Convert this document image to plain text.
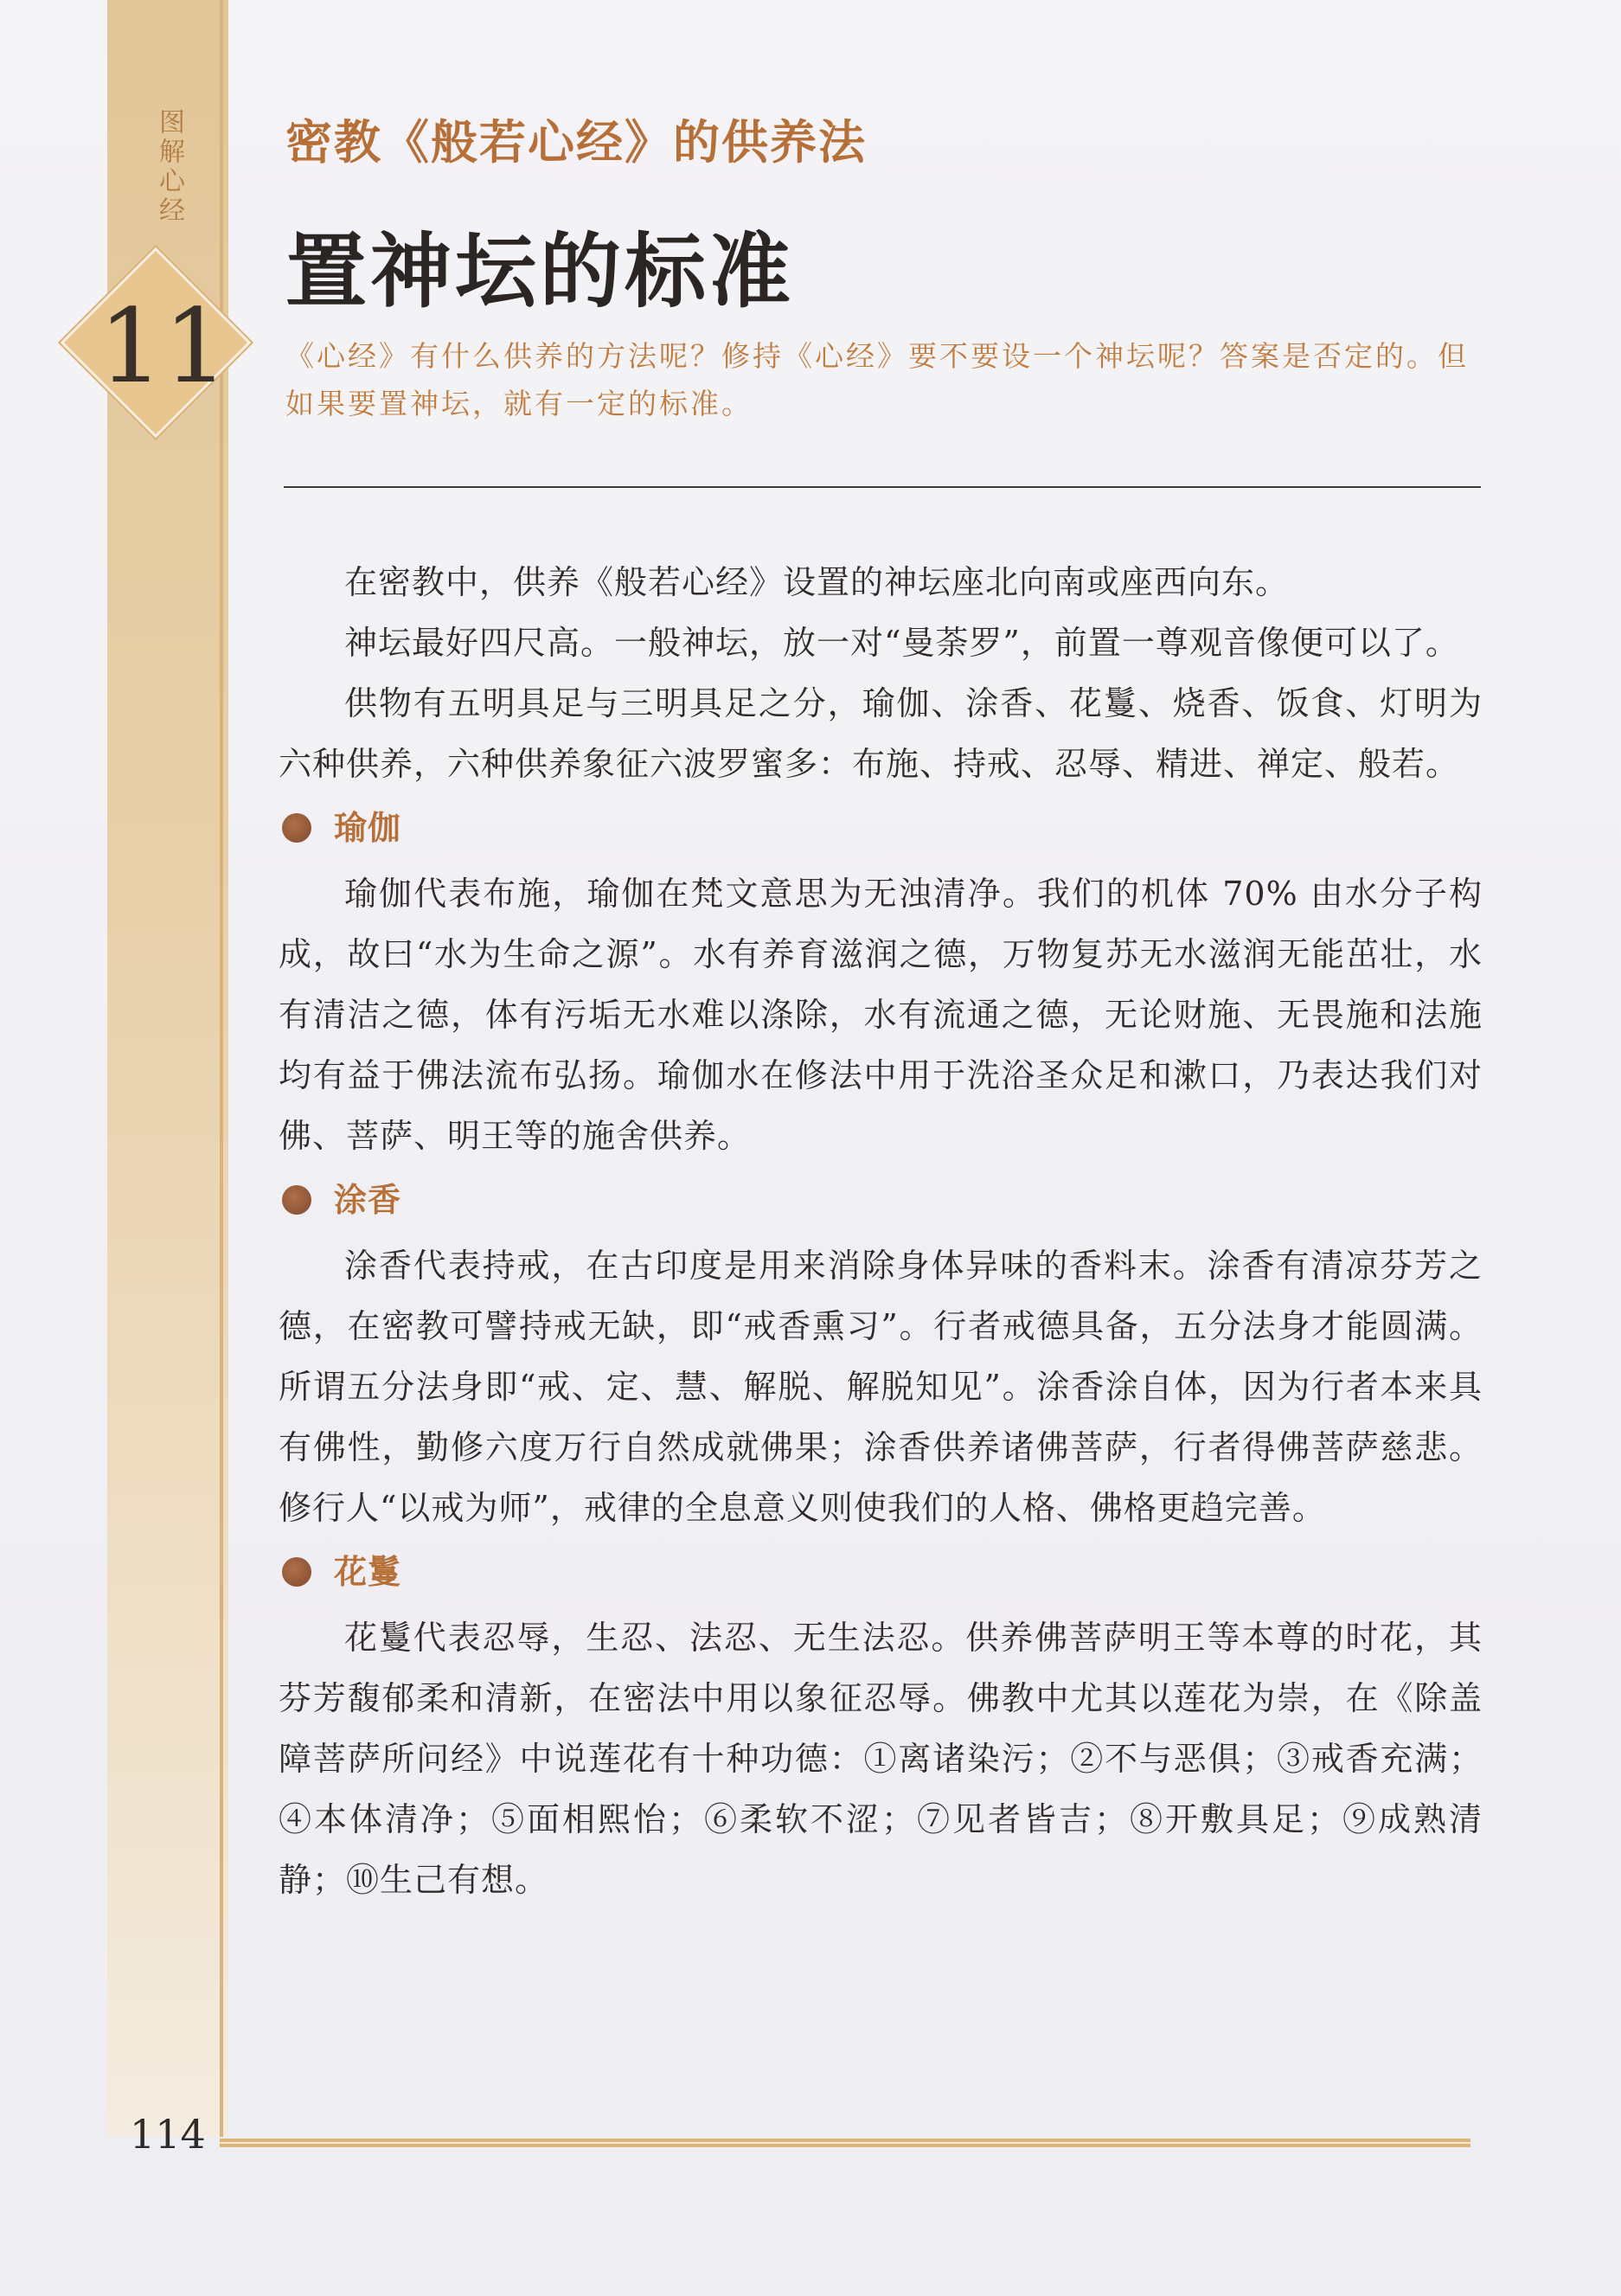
图解心经
11
密教《般若心经》的供养法
置神坛的标准
《心经》有什么供养的方法呢？修持《心经》要不要设一个神坛呢？答案是否定的。但如果要置神坛，就有一定的标准。

在密教中，供养《般若心经》设置的神坛座北向南或座西向东。

神坛最好四尺高。一般神坛，放一对“曼荼罗”，前置一尊观音像便可以了。

供物有五明具足与三明具足之分，瑜伽、涂香、花鬘、烧香、饭食、灯明为六种供养，六种供养象征六波罗蜜多：布施、持戒、忍辱、精进、禅定、般若。

瑜伽

瑜伽代表布施，瑜伽在梵文意思为无浊清净。我们的机体 70% 由水分子构成，故曰“水为生命之源”。水有养育滋润之德，万物复苏无水滋润无能茁壮，水有清洁之德，体有污垢无水难以涤除，水有流通之德，无论财施、无畏施和法施均有益于佛法流布弘扬。瑜伽水在修法中用于洗浴圣众足和漱口，乃表达我们对佛、菩萨、明王等的施舍供养。

涂香

涂香代表持戒，在古印度是用来消除身体异味的香料末。涂香有清凉芬芳之德，在密教可譬持戒无缺，即“戒香熏习”。行者戒德具备，五分法身才能圆满。所谓五分法身即“戒、定、慧、解脱、解脱知见”。涂香涂自体，因为行者本来具有佛性，勤修六度万行自然成就佛果；涂香供养诸佛菩萨，行者得佛菩萨慈悲。修行人“以戒为师”，戒律的全息意义则使我们的人格、佛格更趋完善。

花鬘

花鬘代表忍辱，生忍、法忍、无生法忍。供养佛菩萨明王等本尊的时花，其芬芳馥郁柔和清新，在密法中用以象征忍辱。佛教中尤其以莲花为崇，在《除盖障菩萨所问经》中说莲花有十种功德：①离诸染污；②不与恶俱；③戒香充满；④本体清净；⑤面相熙怡；⑥柔软不涩；⑦见者皆吉；⑧开敷具足；⑨成熟清静；⑩生己有想。

114
